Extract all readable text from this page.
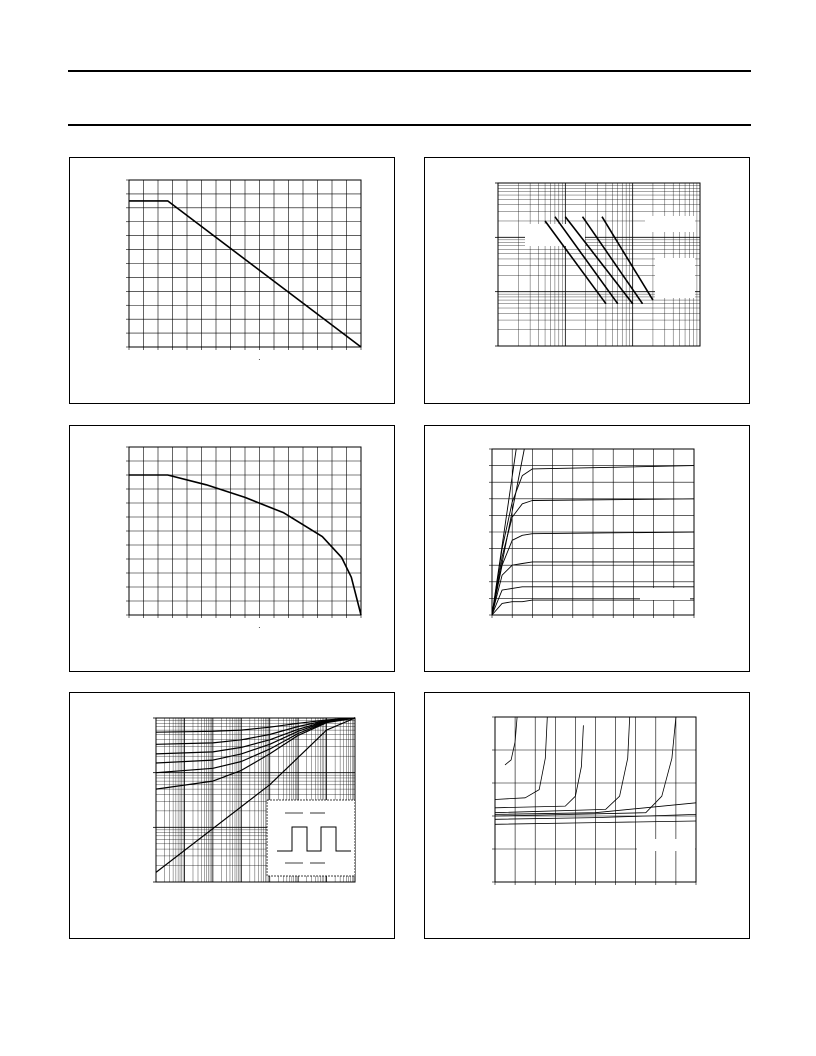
·
·
